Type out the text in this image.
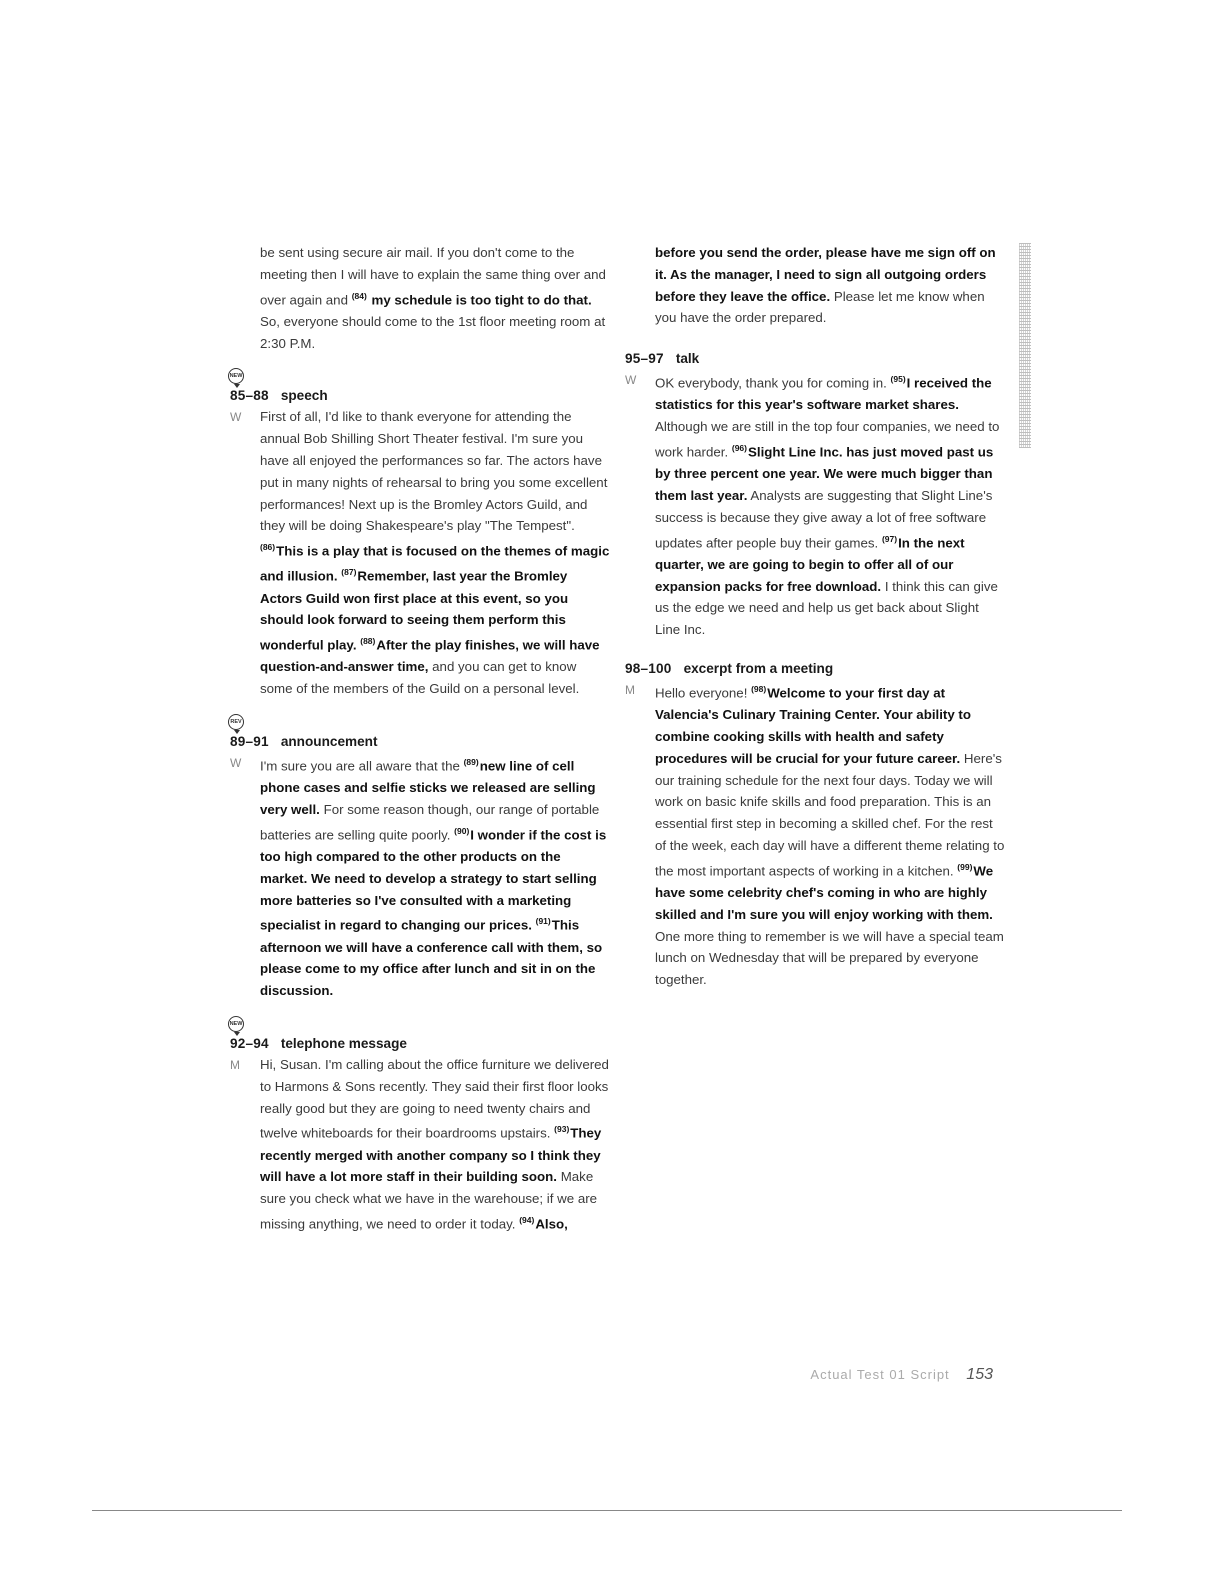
be sent using secure air mail. If you don't come to the meeting then I will have to explain the same thing over and over again and $^{(84)}$ my schedule is too tight to do that. So, everyone should come to the 1st floor meeting room at 2:30 P.M.
NEW
85–88 speech
W	First of all, I'd like to thank everyone for attending the annual Bob Shilling Short Theater festival. I'm sure you have all enjoyed the performances so far. The actors have put in many nights of rehearsal to bring you some excellent performances! Next up is the Bromley Actors Guild, and they will be doing Shakespeare's play "The Tempest". $^{(86)}$This is a play that is focused on the themes of magic and illusion. $^{(87)}$Remember, last year the Bromley Actors Guild won first place at this event, so you should look forward to seeing them perform this wonderful play. $^{(88)}$After the play finishes, we will have question-and-answer time, and you can get to know some of the members of the Guild on a personal level.
REV
89–91 announcement
W	I'm sure you are all aware that the $^{(89)}$new line of cell phone cases and selfie sticks we released are selling very well. For some reason though, our range of portable batteries are selling quite poorly. $^{(90)}$I wonder if the cost is too high compared to the other products on the market. We need to develop a strategy to start selling more batteries so I've consulted with a marketing specialist in regard to changing our prices. $^{(91)}$This afternoon we will have a conference call with them, so please come to my office after lunch and sit in on the discussion.
NEW
92–94 telephone message
M	Hi, Susan. I'm calling about the office furniture we delivered to Harmons & Sons recently. They said their first floor looks really good but they are going to need twenty chairs and twelve whiteboards for their boardrooms upstairs. $^{(93)}$They recently merged with another company so I think they will have a lot more staff in their building soon. Make sure you check what we have in the warehouse; if we are missing anything, we need to order it today. $^{(94)}$Also,
before you send the order, please have me sign off on it. As the manager, I need to sign all outgoing orders before they leave the office. Please let me know when you have the order prepared.
95–97 talk
W	OK everybody, thank you for coming in. $^{(95)}$I received the statistics for this year's software market shares. Although we are still in the top four companies, we need to work harder. $^{(96)}$Slight Line Inc. has just moved past us by three percent one year. We were much bigger than them last year. Analysts are suggesting that Slight Line's success is because they give away a lot of free software updates after people buy their games. $^{(97)}$In the next quarter, we are going to begin to offer all of our expansion packs for free download. I think this can give us the edge we need and help us get back about Slight Line Inc.
98–100 excerpt from a meeting
M	Hello everyone! $^{(98)}$Welcome to your first day at Valencia's Culinary Training Center. Your ability to combine cooking skills with health and safety procedures will be crucial for your future career. Here's our training schedule for the next four days. Today we will work on basic knife skills and food preparation. This is an essential first step in becoming a skilled chef. For the rest of the week, each day will have a different theme relating to the most important aspects of working in a kitchen. $^{(99)}$We have some celebrity chef's coming in who are highly skilled and I'm sure you will enjoy working with them. One more thing to remember is we will have a special team lunch on Wednesday that will be prepared by everyone together.
Actual Test 01 Script 153
